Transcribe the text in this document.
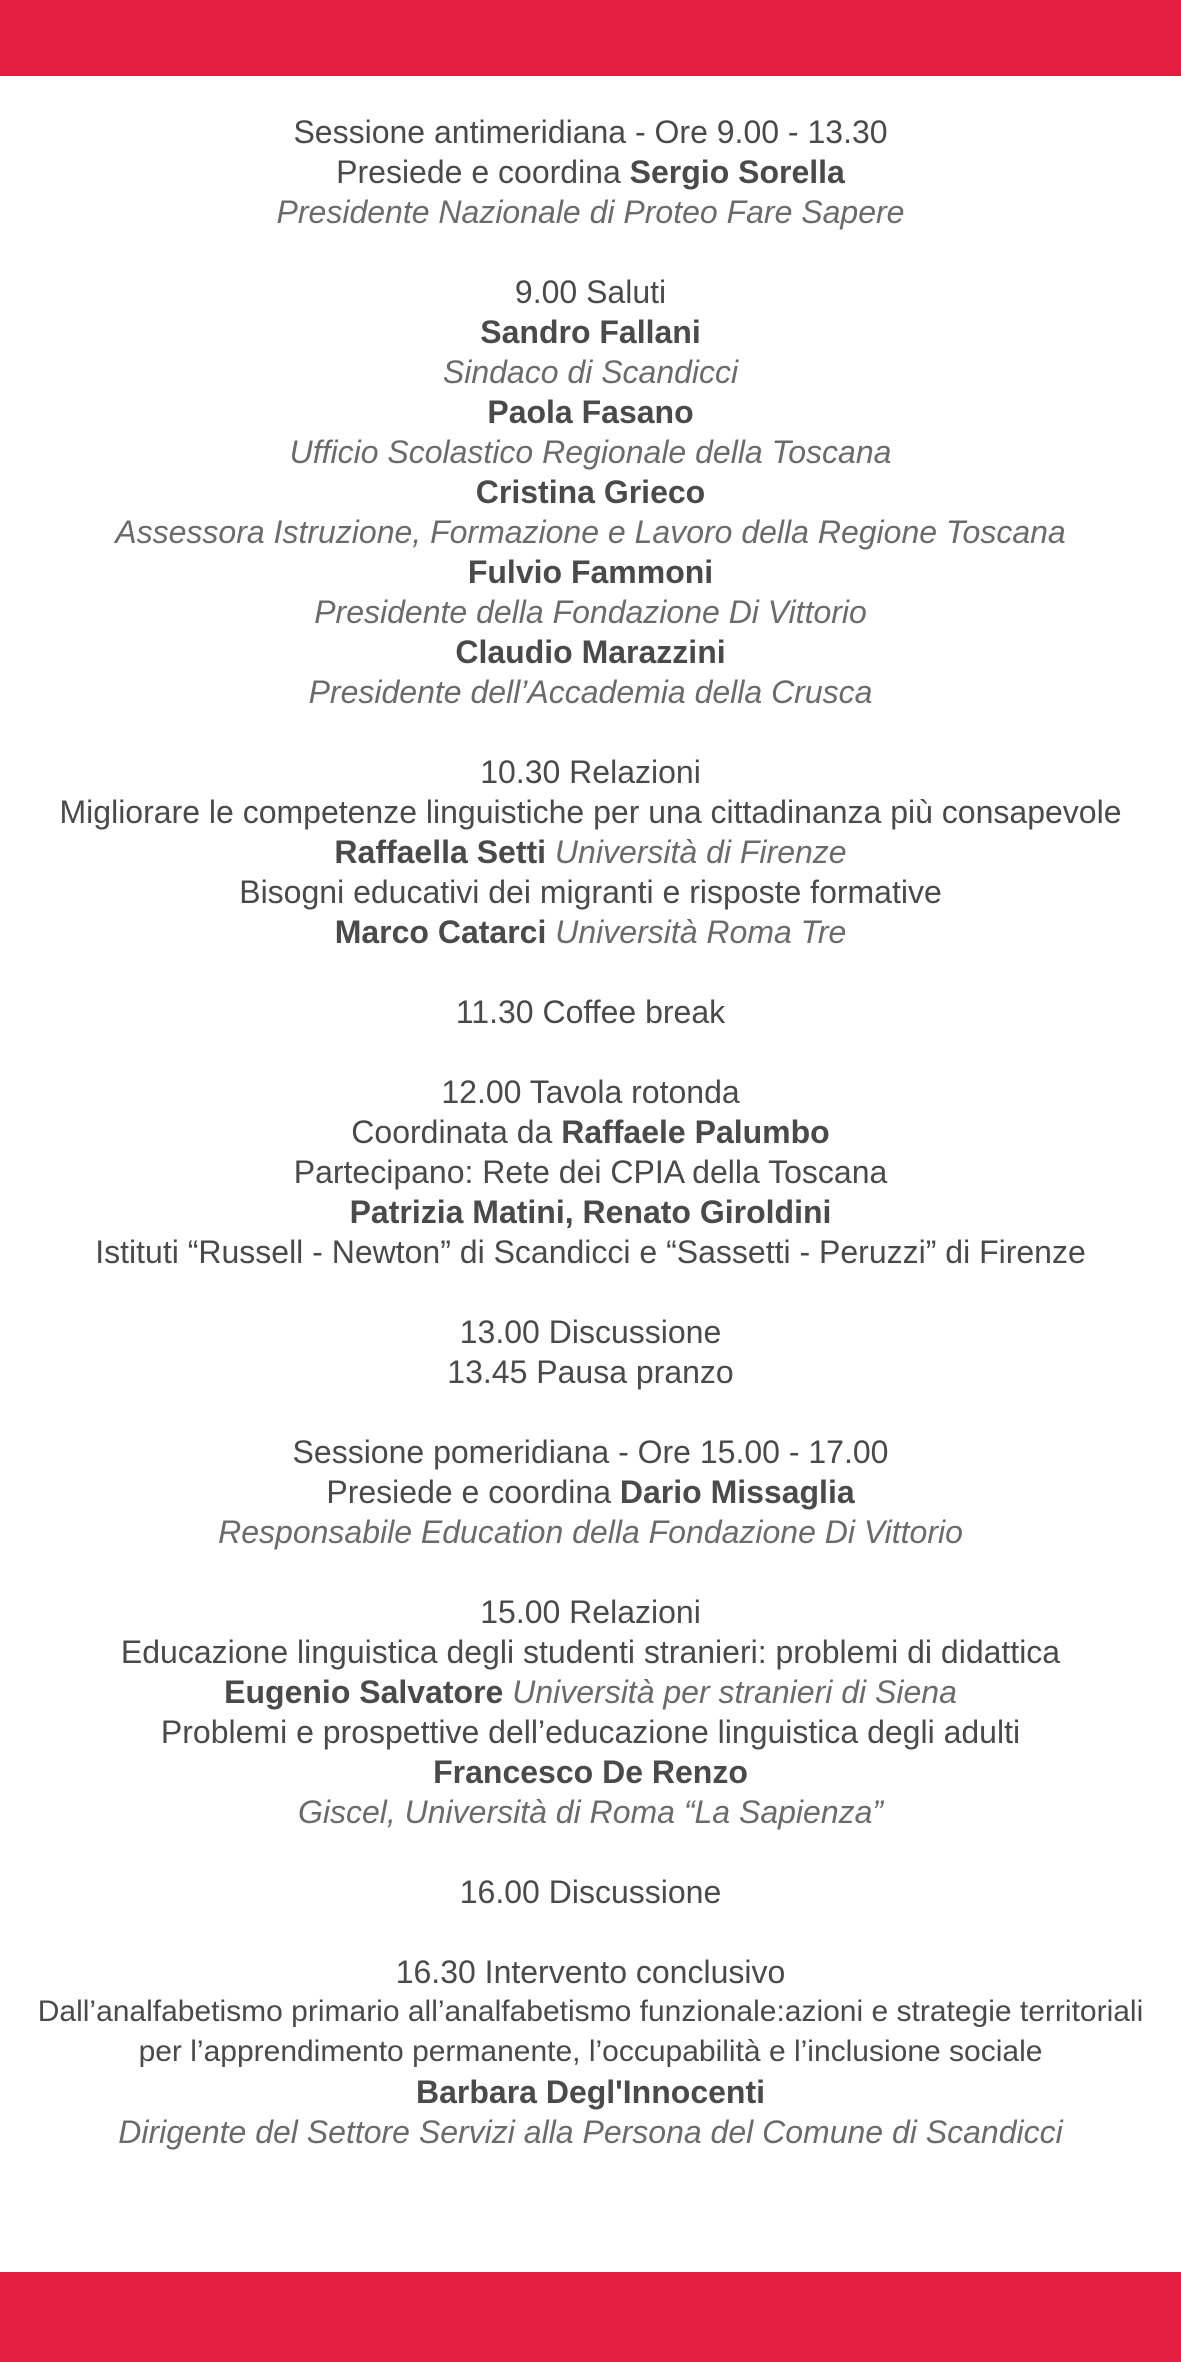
Sessione antimeridiana - Ore 9.00 - 13.30
Presiede e coordina Sergio Sorella
Presidente Nazionale di Proteo Fare Sapere
9.00 Saluti
Sandro Fallani
Sindaco di Scandicci
Paola Fasano
Ufficio Scolastico Regionale della Toscana
Cristina Grieco
Assessora Istruzione, Formazione e Lavoro della Regione Toscana
Fulvio Fammoni
Presidente della Fondazione Di Vittorio
Claudio Marazzini
Presidente dell’Accademia della Crusca
10.30 Relazioni
Migliorare le competenze linguistiche per una cittadinanza più consapevole
Raffaella Setti Università di Firenze
Bisogni educativi dei migranti e risposte formative
Marco Catarci Università Roma Tre
11.30 Coffee break
12.00 Tavola rotonda
Coordinata da Raffaele Palumbo
Partecipano: Rete dei CPIA della Toscana
Patrizia Matini, Renato Giroldini
Istituti “Russell - Newton” di Scandicci e “Sassetti - Peruzzi” di Firenze
13.00 Discussione
13.45 Pausa pranzo
Sessione pomeridiana - Ore 15.00 - 17.00
Presiede e coordina Dario Missaglia
Responsabile Education della Fondazione Di Vittorio
15.00 Relazioni
Educazione linguistica degli studenti stranieri: problemi di didattica
Eugenio Salvatore Università per stranieri di Siena
Problemi e prospettive dell’educazione linguistica degli adulti
Francesco De Renzo
Giscel, Università di Roma “La Sapienza”
16.00 Discussione
16.30 Intervento conclusivo
Dall’analfabetismo primario all’analfabetismo funzionale:azioni e strategie territoriali
per l’apprendimento permanente, l’occupabilità e l’inclusione sociale
Barbara Degl'Innocenti
Dirigente del Settore Servizi alla Persona del Comune di Scandicci
